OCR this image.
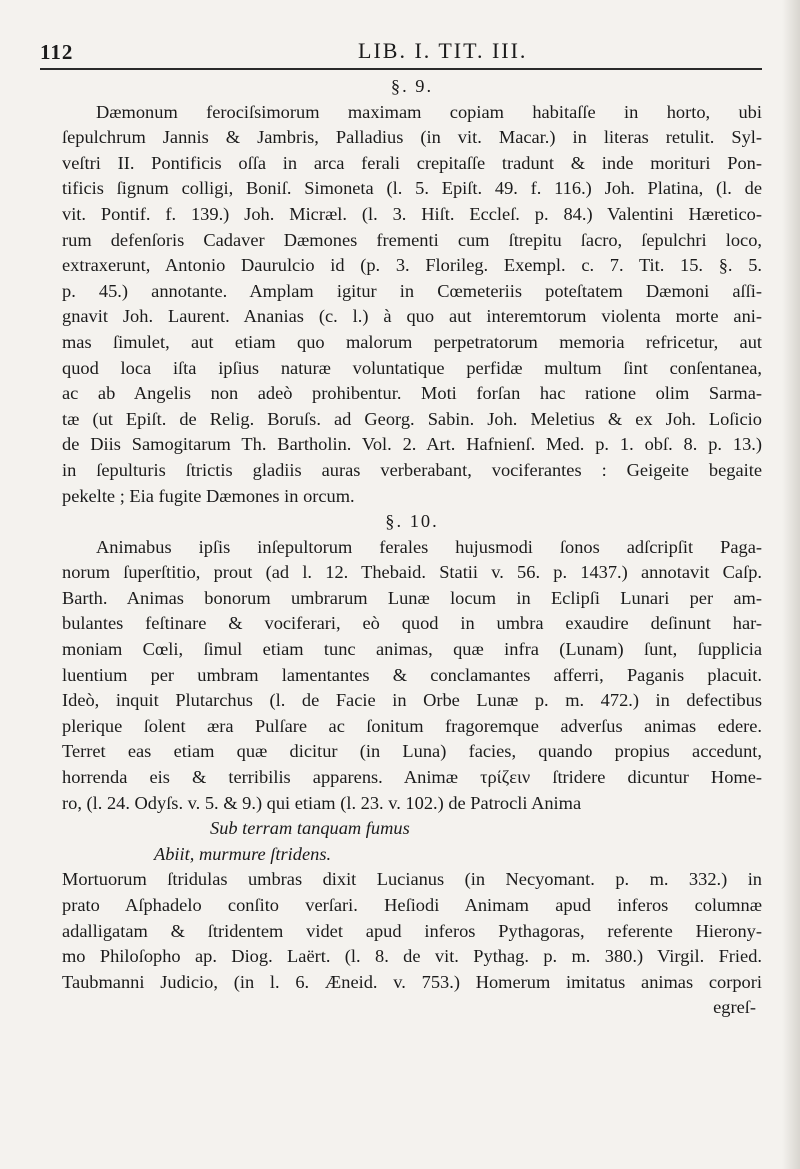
112	LIB. I. TIT. III.
§. 9.
Dæmonum ferociſsimorum maximam copiam habitaſſe in horto, ubi
ſepulchrum Jannis & Jambris, Palladius (in vit. Macar.) in literas retulit. Syl-
veſtri II. Pontificis oſſa in arca ferali crepitaſſe tradunt & inde morituri Pon-
tificis ſignum colligi, Boniſ. Simoneta (l. 5. Epiſt. 49. f. 116.) Joh. Platina, (l. de
vit. Pontif. f. 139.) Joh. Micræl. (l. 3. Hiſt. Eccleſ. p. 84.) Valentini Hæretico-
rum defenſoris Cadaver Dæmones frementi cum ſtrepitu ſacro, ſepulchri loco,
extraxerunt, Antonio Daurulcio id (p. 3. Florileg. Exempl. c. 7. Tit. 15. §. 5.
p. 45.) annotante. Amplam igitur in Cœmeteriis poteſtatem Dæmoni aſſi-
gnavit Joh. Laurent. Ananias (c. l.) à quo aut interemtorum violenta morte ani-
mas ſimulet, aut etiam quo malorum perpetratorum memoria refricetur, aut
quod loca iſta ipſius naturæ voluntatique perfidæ multum ſint conſentanea,
ac ab Angelis non adeò prohibentur. Moti forſan hac ratione olim Sarma-
tæ (ut Epiſt. de Relig. Boruſs. ad Georg. Sabin. Joh. Meletius & ex Joh. Loſicio
de Diis Samogitarum Th. Bartholin. Vol. 2. Art. Hafnienſ. Med. p. 1. obſ. 8. p. 13.)
in ſepulturis ſtrictis gladiis auras verberabant, vociferantes : Geigeite begaite
pekelte ; Eia fugite Dæmones in orcum.
§. 10.
Animabus ipſis inſepultorum ferales hujusmodi ſonos adſcripſit Paga-
norum ſuperſtitio, prout (ad l. 12. Thebaid. Statii v. 56. p. 1437.) annotavit Caſp.
Barth. Animas bonorum umbrarum Lunæ locum in Eclipſi Lunari per am-
bulantes feſtinare & vociferari, eò quod in umbra exaudire deſinunt har-
moniam Cœli, ſimul etiam tunc animas, quæ infra (Lunam) ſunt, ſupplicia
luentium per umbram lamentantes & conclamantes afferri, Paganis placuit.
Ideò, inquit Plutarchus (l. de Facie in Orbe Lunæ p. m. 472.) in defectibus
plerique ſolent æra Pulſare ac ſonitum fragoremque adverſus animas edere.
Terret eas etiam quæ dicitur (in Luna) facies, quando propius accedunt,
horrenda eis & terribilis apparens. Animæ τρίζειν ſtridere dicuntur Home-
ro, (l. 24. Odyſs. v. 5. & 9.) qui etiam (l. 23. v. 102.) de Patrocli Anima
Sub terram tanquam fumus
Abiit, murmure ſtridens.
Mortuorum ſtridulas umbras dixit Lucianus (in Necyomant. p. m. 332.) in
prato Aſphadelo conſito verſari. Heſiodi Animam apud inferos columnæ
adalligatam & ſtridentem videt apud inferos Pythagoras, referente Hierony-
mo Philoſopho ap. Diog. Laërt. (l. 8. de vit. Pythag. p. m. 380.) Virgil. Fried.
Taubmanni Judicio, (in l. 6. Æneid. v. 753.) Homerum imitatus animas corpori
egreſ-
